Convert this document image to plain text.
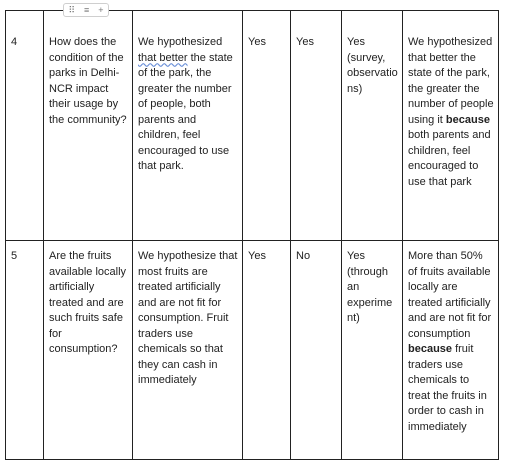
⠿ ≡ +
4	How does the condition of the parks in Delhi-NCR impact their usage by the community?	We hypothesized that better the state of the park, the greater the number of people, both parents and children, feel encouraged to use that park.	Yes	Yes	Yes (survey, observations)	We hypothesized that better the state of the park, the greater the number of people using it because both parents and children, feel encouraged to use that park
5	Are the fruits available locally artificially treated and are such fruits safe for consumption?	We hypothesize that most fruits are treated artificially and are not fit for consumption. Fruit traders use chemicals so that they can cash in immediately	Yes	No	Yes (through an experiment)	More than 50% of fruits available locally are treated artificially and are not fit for consumption because fruit traders use chemicals to treat the fruits in order to cash in immediately
